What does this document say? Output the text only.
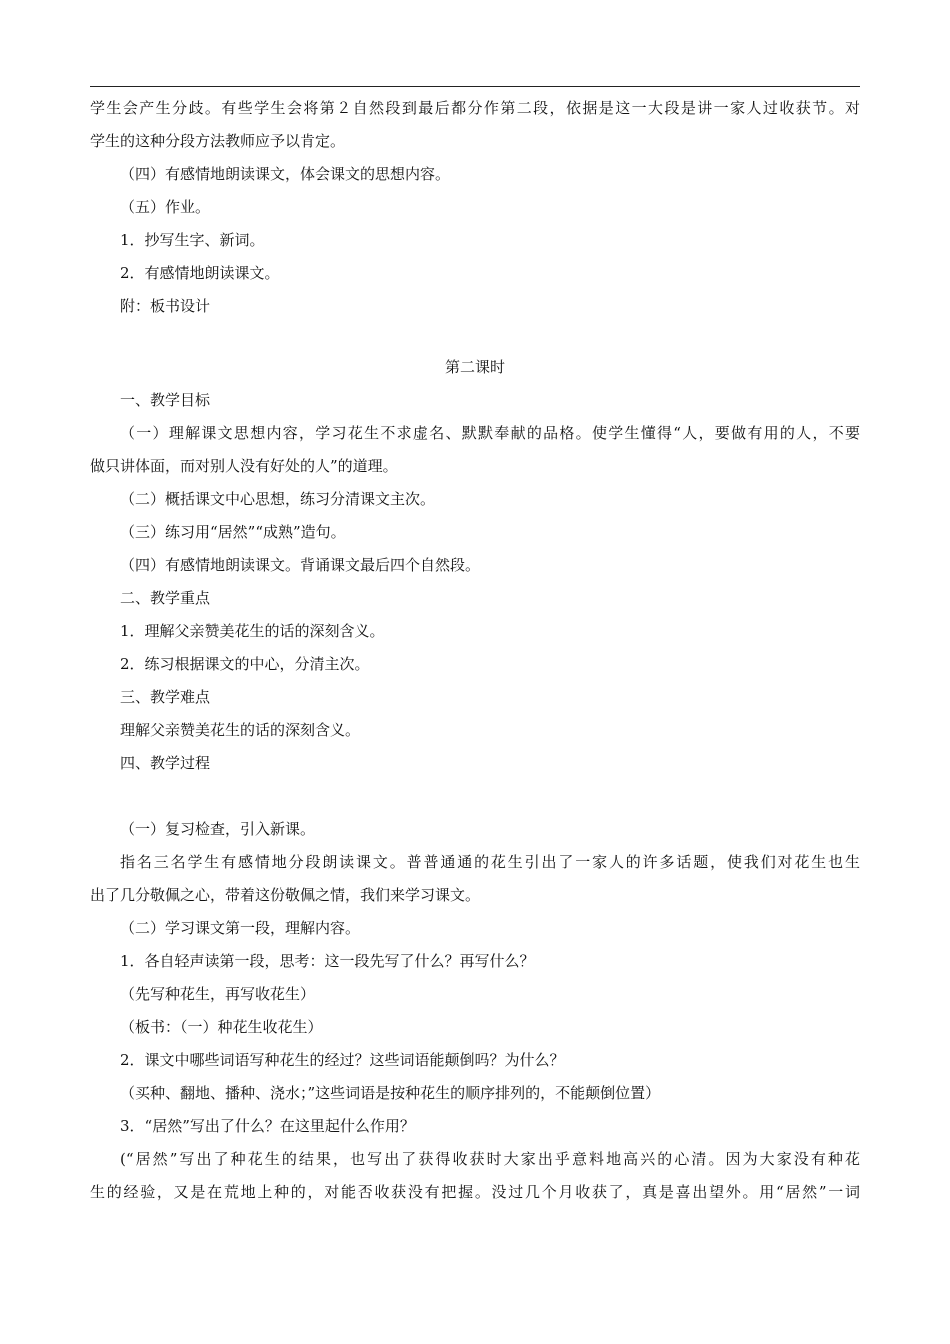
学生会产生分歧。有些学生会将第２自然段到最后都分作第二段，依据是这一大段是讲一家人过收获节。对

学生的这种分段方法教师应予以肯定。

（四）有感情地朗读课文，体会课文的思想内容。

（五）作业。

1．抄写生字、新词。

2．有感情地朗读课文。

附：板书设计

第二课时

一、教学目标

（一）理解课文思想内容，学习花生不求虚名、默默奉献的品格。使学生懂得“人，要做有用的人，不要

做只讲体面，而对别人没有好处的人”的道理。

（二）概括课文中心思想，练习分清课文主次。

（三）练习用“居然”“成熟”造句。

（四）有感情地朗读课文。背诵课文最后四个自然段。

二、教学重点

1．理解父亲赞美花生的话的深刻含义。

2．练习根据课文的中心，分清主次。

三、教学难点

理解父亲赞美花生的话的深刻含义。

四、教学过程

（一）复习检查，引入新课。

指名三名学生有感情地分段朗读课文。普普通通的花生引出了一家人的许多话题，使我们对花生也生

出了几分敬佩之心，带着这份敬佩之情，我们来学习课文。

（二）学习课文第一段，理解内容。

1．各自轻声读第一段，思考：这一段先写了什么？再写什么？

（先写种花生，再写收花生）

（板书：（一）种花生收花生）

2．课文中哪些词语写种花生的经过？这些词语能颠倒吗？为什么？

（买种、翻地、播种、浇水；”这些词语是按种花生的顺序排列的，不能颠倒位置）

3．“居然”写出了什么？在这里起什么作用？

(“居然”写出了种花生的结果，也写出了获得收获时大家出乎意料地高兴的心清。因为大家没有种花

生的经验，又是在荒地上种的，对能否收获没有把握。没过几个月收获了，真是喜出望外。用“居然”一词
